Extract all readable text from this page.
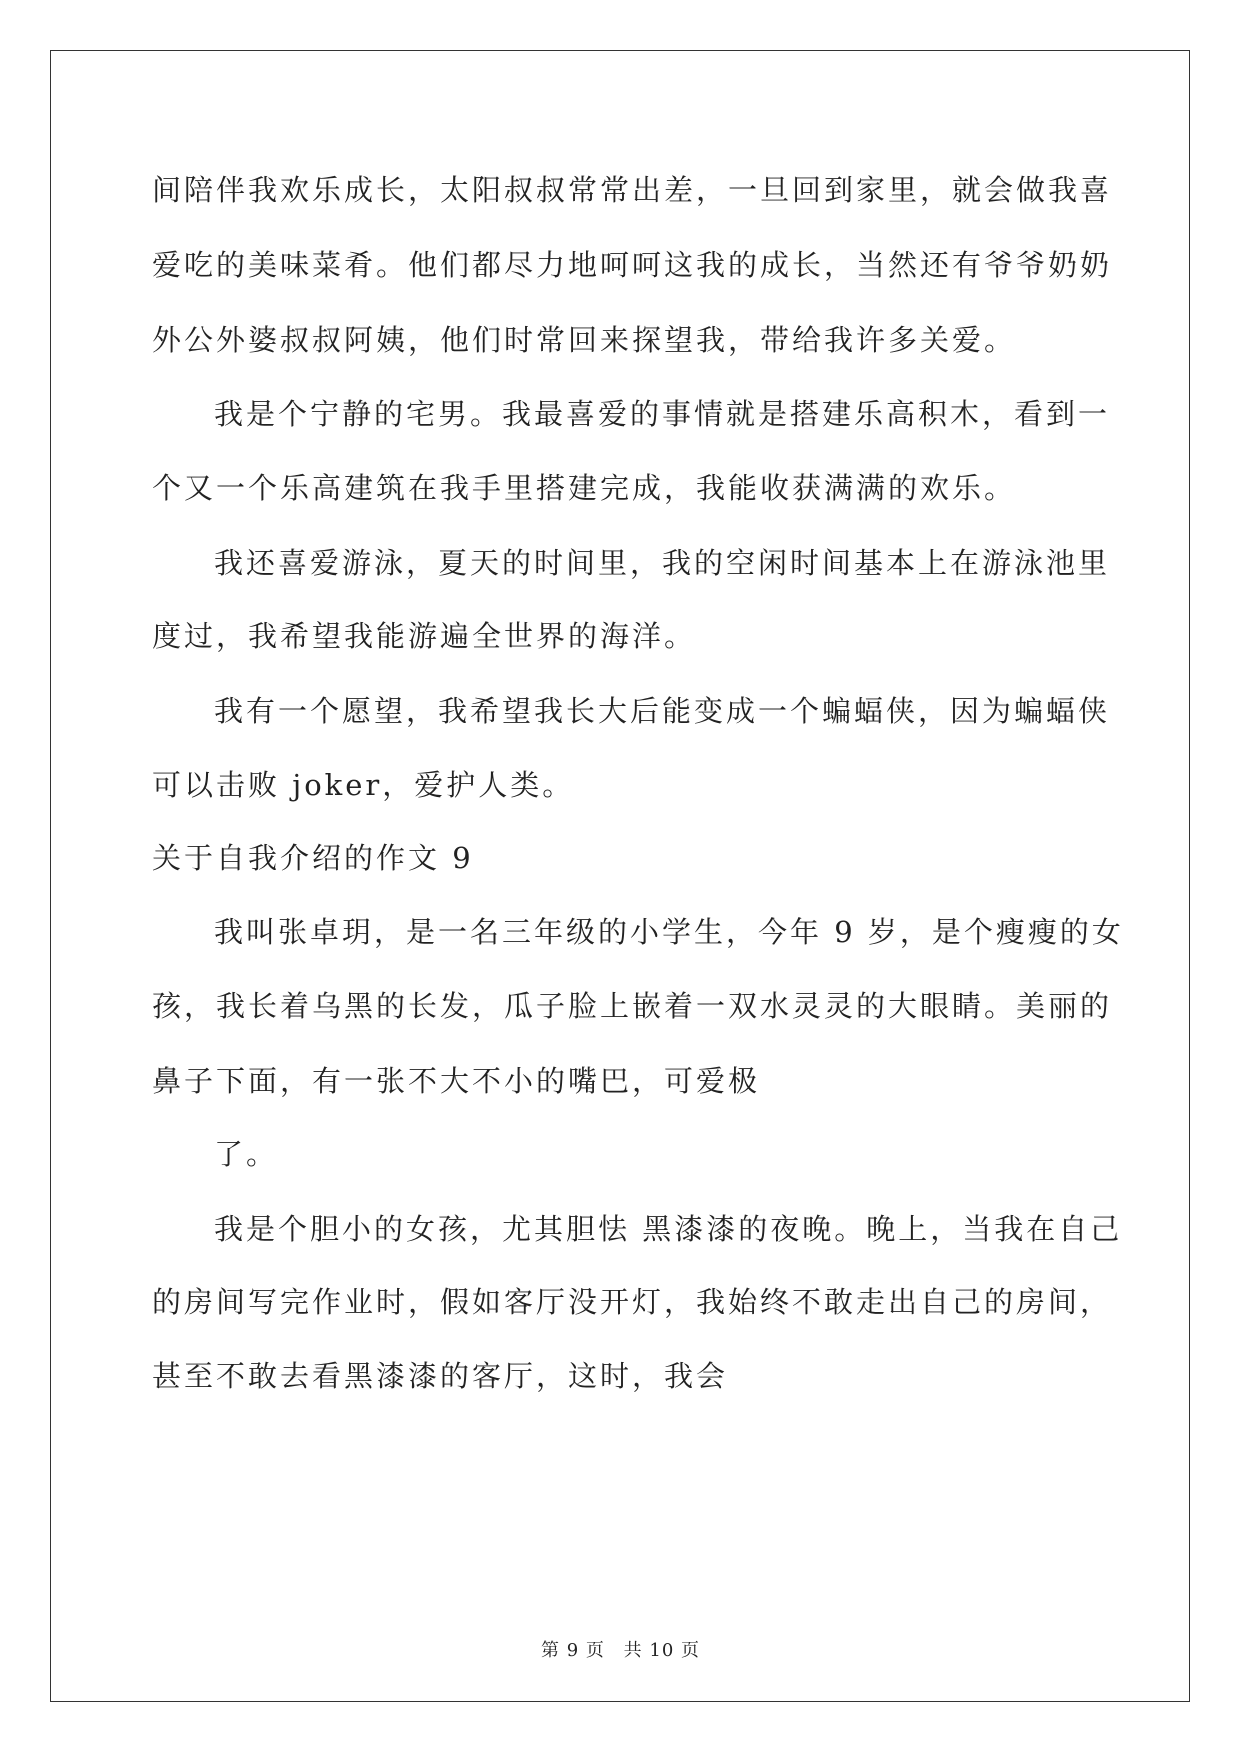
间陪伴我欢乐成长，太阳叔叔常常出差，一旦回到家里，就会做我喜
爱吃的美味菜肴。他们都尽力地呵呵这我的成长，当然还有爷爷奶奶
外公外婆叔叔阿姨，他们时常回来探望我，带给我许多关爱。
我是个宁静的宅男。我最喜爱的事情就是搭建乐高积木，看到一
个又一个乐高建筑在我手里搭建完成，我能收获满满的欢乐。
我还喜爱游泳，夏天的时间里，我的空闲时间基本上在游泳池里
度过，我希望我能游遍全世界的海洋。
我有一个愿望，我希望我长大后能变成一个蝙蝠侠，因为蝙蝠侠
可以击败 joker，爱护人类。
关于自我介绍的作文 9
我叫张卓玥，是一名三年级的小学生，今年 9 岁，是个瘦瘦的女
孩，我长着乌黑的长发，瓜子脸上嵌着一双水灵灵的大眼睛。美丽的
鼻子下面，有一张不大不小的嘴巴，可爱极
了。
我是个胆小的女孩，尤其胆怯 黑漆漆的夜晚。晚上，当我在自己
的房间写完作业时，假如客厅没开灯，我始终不敢走出自己的房间，
甚至不敢去看黑漆漆的客厅，这时，我会
第 9 页 共 10 页
